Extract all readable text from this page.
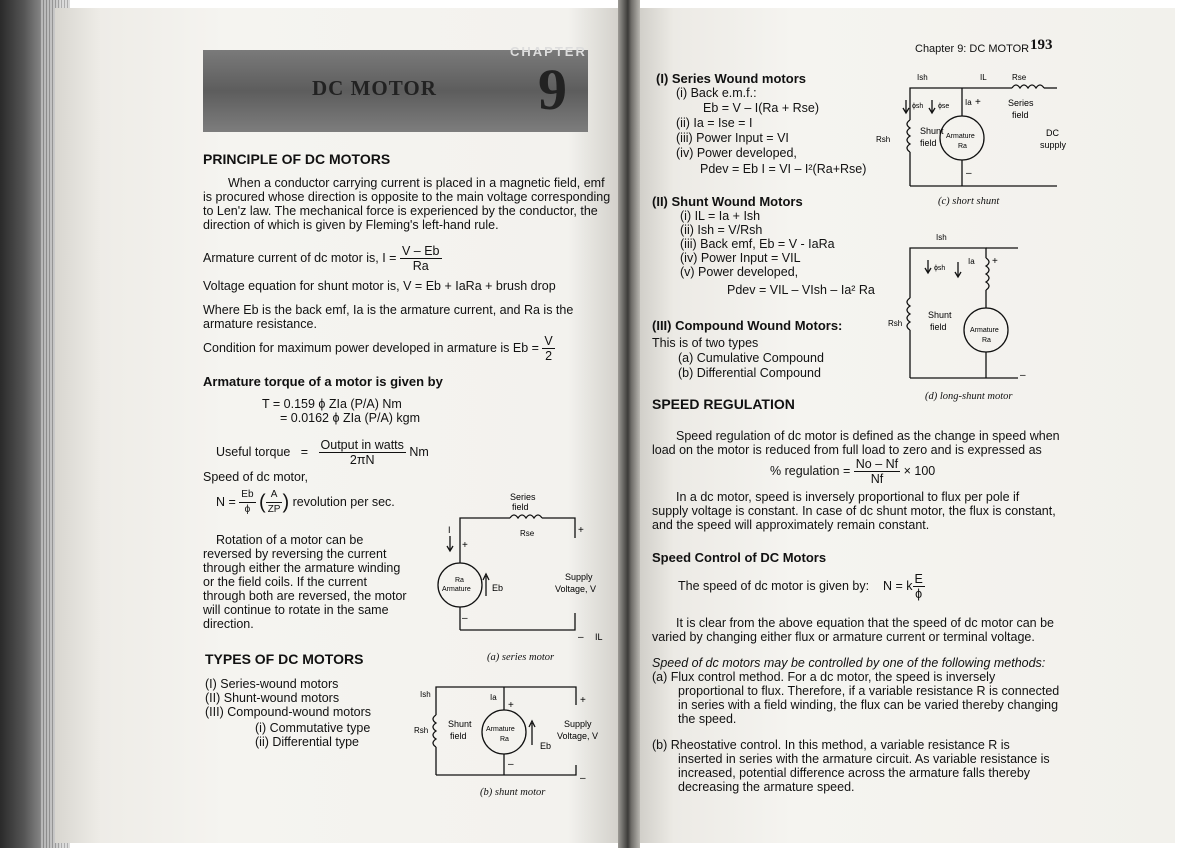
CHAPTER
DC MOTOR 9
PRINCIPLE OF DC MOTORS
When a conductor carrying current is placed in a magnetic field, emf
is procured whose direction is opposite to the main voltage corresponding
to Len'z law. The mechanical force is experienced by the conductor, the
direction of which is given by Fleming's left-hand rule.
Armature current of dc motor is, $I = \frac{V - Eb}{Ra}$
Voltage equation for shunt motor is, V = Eb + IaRa + brush drop
Where Eb is the back emf, Ia is the armature current, and Ra is the
armature resistance.
Condition for maximum power developed in armature is $Eb = \frac{V}{2}$
Armature torque of a motor is given by
T = 0.159 ϕ ZIa (P/A) Nm
= 0.0162 ϕ ZIa (P/A) kgm
Useful torque = $\frac{\text{Output in watts}}{2\pi N}$ Nm
Speed of dc motor,
$N = \frac{Eb}{\phi}$ ( $\frac{A}{ZP}$ ) revolution per sec.
Rotation of a motor can be
reversed by reversing the current
through either the armature winding
or the field coils. If the current
through both are reversed, the motor
will continue to rotate in the same
direction.
TYPES OF DC MOTORS
(I) Series-wound motors
(II) Shunt-wound motors
(III) Compound-wound motors
(i) Commutative type
(ii) Differential type
Series
field
Rse
I
+
Ra
Armature Eb
–
+
Supply
Voltage, V
– IL
(a) series motor
Ish	Ia
+
Rsh
Shunt
field
Armature
Ra
Eb
–
+
Supply
Voltage, V
–
(b) shunt motor
Chapter 9: DC MOTOR 193
(I) Series Wound motors
(i) Back e.m.f.:
Eb = V – I(Ra + Rse)
(ii) Ia = Ise = I
(iii) Power Input = VI
(iv) Power developed,
Pdev = Eb I = VI – I²(Ra+Rse)
(II) Shunt Wound Motors
(i) IL = Ia + Ish
(ii) Ish = V/Rsh
(iii) Back emf, Eb = V - IaRa
(iv) Power Input = VIL
(v) Power developed,
Pdev = VIL – VIsh – Ia² Ra
(III) Compound Wound Motors:
This is of two types
(a) Cumulative Compound
(b) Differential Compound
Ish	IL	Rse
ϕsh ϕse Ia +	Series
field
Rsh
Shunt
field
Armature
Ra
–
DC
supply
(c) short shunt
Ish
ϕsh
Ia +
Rsh
Shunt
field	Armature
Ra
–
(d) long-shunt motor
SPEED REGULATION
Speed regulation of dc motor is defined as the change in speed when
load on the motor is reduced from full load to zero and is expressed as
% regulation = $\frac{No - Nf}{Nf} \times 100$
In a dc motor, speed is inversely proportional to flux per pole if
supply voltage is constant. In case of dc shunt motor, the flux is constant,
and the speed will approximately remain constant.
Speed Control of DC Motors
The speed of dc motor is given by: N = k $\frac{E}{\phi}$
It is clear from the above equation that the speed of dc motor can be
varied by changing either flux or armature current or terminal voltage.
Speed of dc motors may be controlled by one of the following methods:
(a) Flux control method. For a dc motor, the speed is inversely
proportional to flux. Therefore, if a variable resistance R is connected
in series with a field winding, the flux can be varied thereby changing
the speed.
(b) Rheostative control. In this method, a variable resistance R is
inserted in series with the armature circuit. As variable resistance is
increased, potential difference across the armature falls thereby
decreasing the armature speed.
